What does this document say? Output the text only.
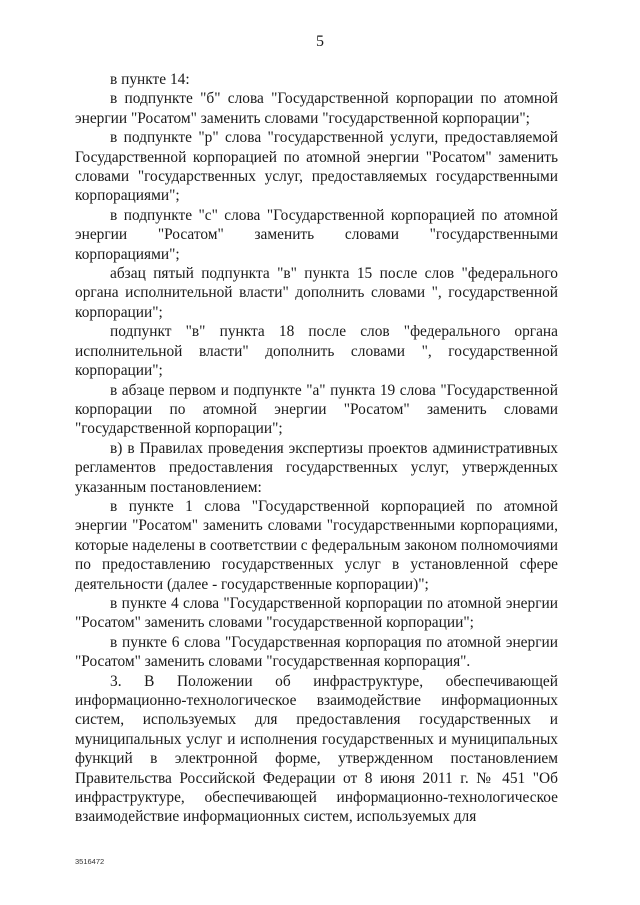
5

в пункте 14:

в подпункте "б" слова "Государственной корпорации по атомной энергии "Росатом" заменить словами "государственной корпорации";

в подпункте "р" слова "государственной услуги, предоставляемой Государственной корпорацией по атомной энергии "Росатом" заменить словами "государственных услуг, предоставляемых государственными корпорациями";

в подпункте "с" слова "Государственной корпорацией по атомной энергии "Росатом" заменить словами "государственными корпорациями";

абзац пятый подпункта "в" пункта 15 после слов "федерального органа исполнительной власти" дополнить словами ", государственной корпорации";

подпункт "в" пункта 18 после слов "федерального органа исполнительной власти" дополнить словами ", государственной корпорации";

в абзаце первом и подпункте "а" пункта 19 слова "Государственной корпорации по атомной энергии "Росатом" заменить словами "государственной корпорации";

в) в Правилах проведения экспертизы проектов административных регламентов предоставления государственных услуг, утвержденных указанным постановлением:

в пункте 1 слова "Государственной корпорацией по атомной энергии "Росатом" заменить словами "государственными корпорациями, которые наделены в соответствии с федеральным законом полномочиями по предоставлению государственных услуг в установленной сфере деятельности (далее - государственные корпорации)";

в пункте 4 слова "Государственной корпорации по атомной энергии "Росатом" заменить словами "государственной корпорации";

в пункте 6 слова "Государственная корпорация по атомной энергии "Росатом" заменить словами "государственная корпорация".

3. В Положении об инфраструктуре, обеспечивающей информационно-технологическое взаимодействие информационных систем, используемых для предоставления государственных и муниципальных услуг и исполнения государственных и муниципальных функций в электронной форме, утвержденном постановлением Правительства Российской Федерации от 8 июня 2011 г. № 451 "Об инфраструктуре, обеспечивающей информационно-технологическое взаимодействие информационных систем, используемых для

3516472
